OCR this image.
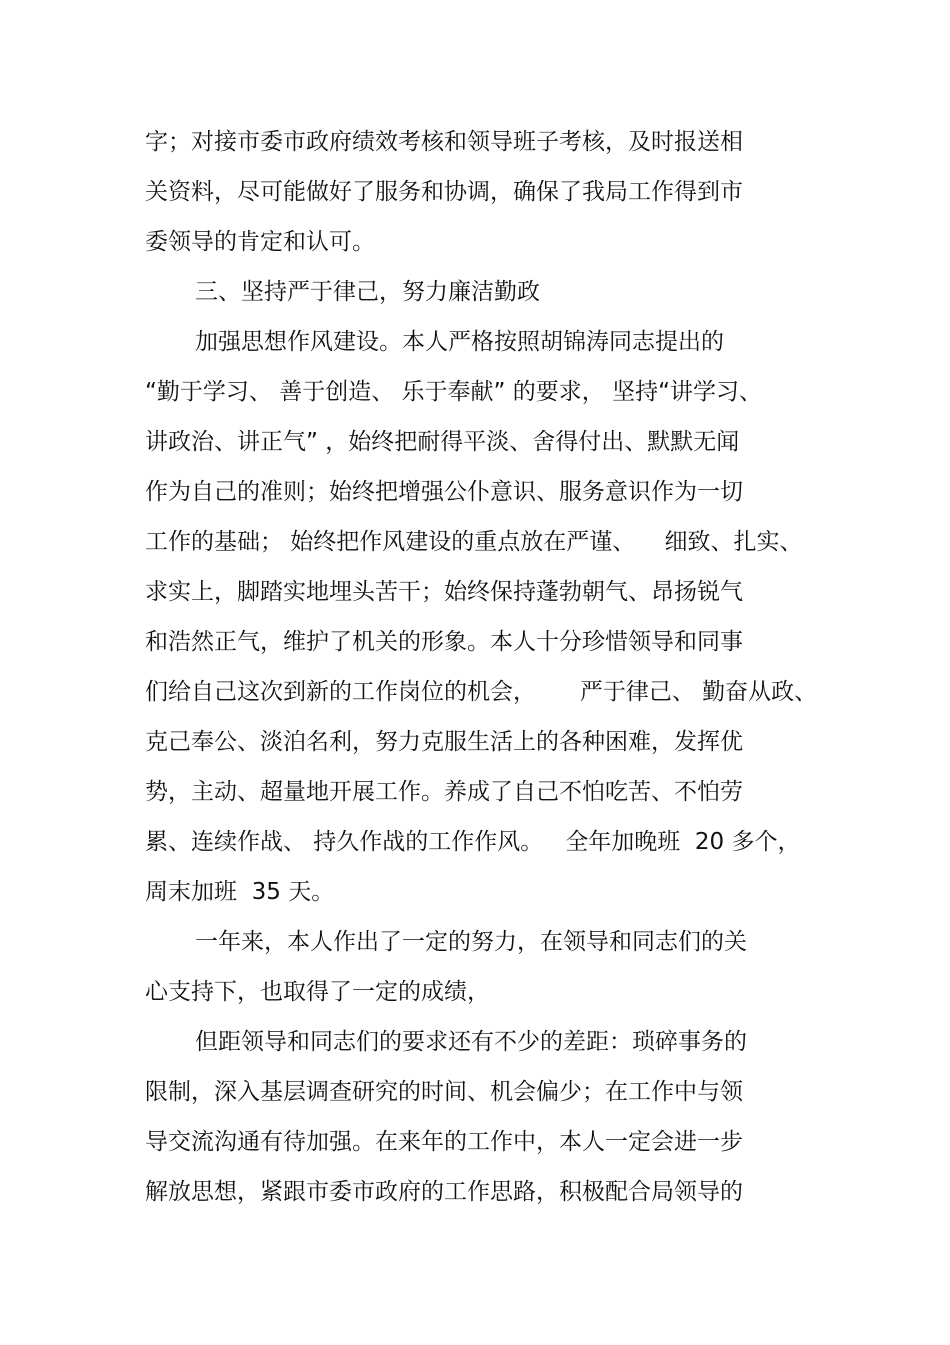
字；对接市委市政府绩效考核和领导班子考核，及时报送相
关资料，尽可能做好了服务和协调，确保了我局工作得到市
委领导的肯定和认可。
三、坚持严于律己，努力廉洁勤政
加强思想作风建设。本人严格按照胡锦涛同志提出的
“勤于学习、 善于创造、 乐于奉献” 的要求， 坚持“讲学习、
讲政治、讲正气” ，始终把耐得平淡、舍得付出、默默无闻
作为自己的准则；始终把增强公仆意识、服务意识作为一切
工作的基础； 始终把作风建设的重点放在严谨、    细致、扎实、
求实上，脚踏实地埋头苦干；始终保持蓬勃朝气、昂扬锐气
和浩然正气，维护了机关的形象。本人十分珍惜领导和同事
们给自己这次到新的工作岗位的机会，      严于律己、 勤奋从政、
克己奉公、淡泊名利，努力克服生活上的各种困难，发挥优
势，主动、超量地开展工作。养成了自己不怕吃苦、不怕劳
累、连续作战、 持久作战的工作作风。   全年加晚班  20 多个，
周末加班  35 天。
一年来，本人作出了一定的努力，在领导和同志们的关
心支持下，也取得了一定的成绩，
但距领导和同志们的要求还有不少的差距：琐碎事务的
限制，深入基层调查研究的时间、机会偏少；在工作中与领
导交流沟通有待加强。在来年的工作中，本人一定会进一步
解放思想，紧跟市委市政府的工作思路，积极配合局领导的
